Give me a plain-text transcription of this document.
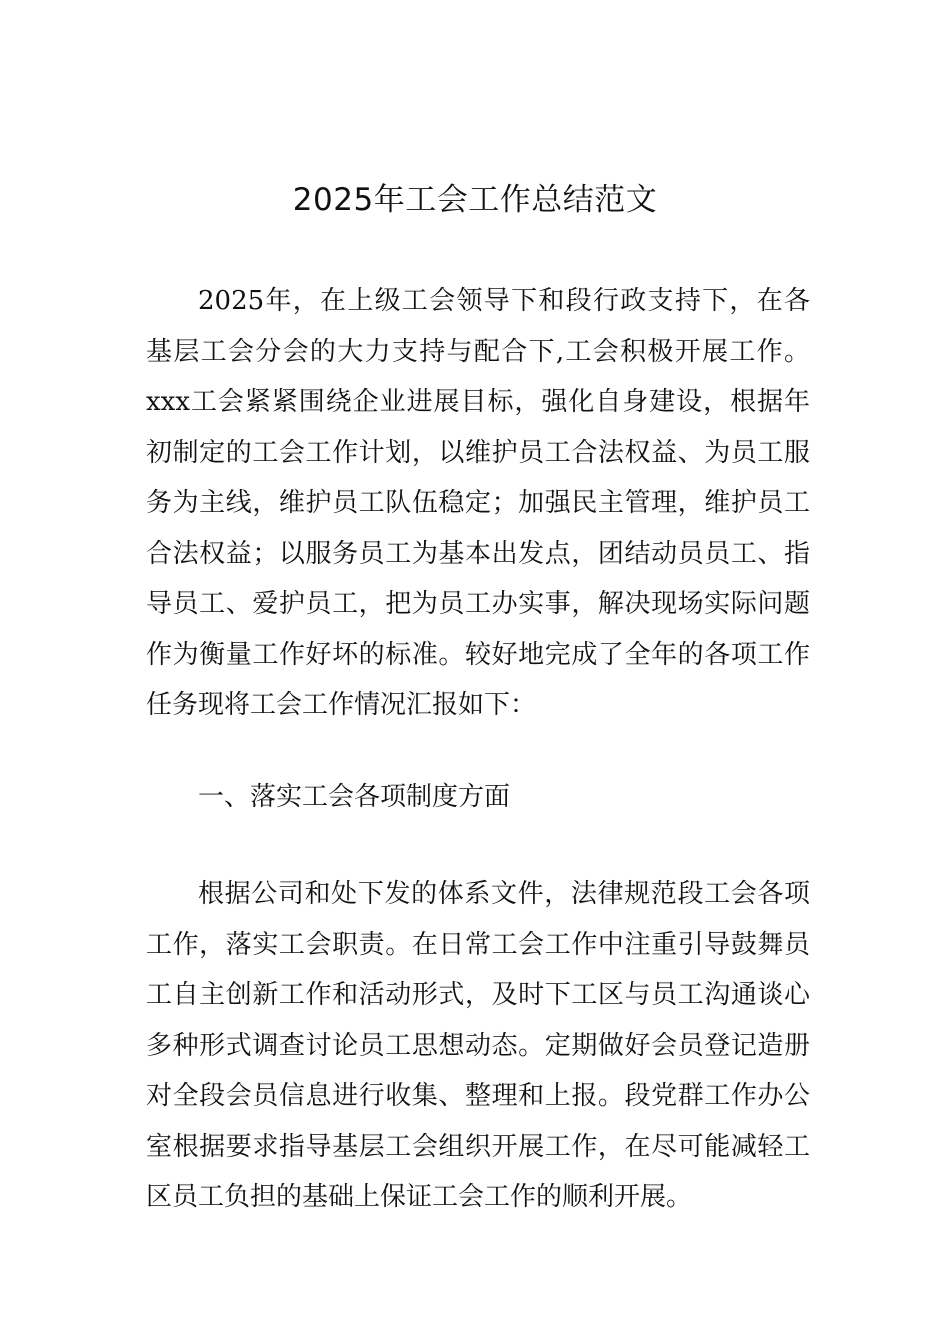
2025年工会工作总结范文

2025年，在上级工会领导下和段行政支持下，在各基层工会分会的大力支持与配合下,工会积极开展工作。xxx工会紧紧围绕企业进展目标，强化自身建设，根据年初制定的工会工作计划，以维护员工合法权益、为员工服务为主线，维护员工队伍稳定；加强民主管理，维护员工合法权益；以服务员工为基本出发点，团结动员员工、指导员工、爱护员工，把为员工办实事，解决现场实际问题作为衡量工作好坏的标准。较好地完成了全年的各项工作任务现将工会工作情况汇报如下：

一、落实工会各项制度方面

根据公司和处下发的体系文件，法律规范段工会各项工作，落实工会职责。在日常工会工作中注重引导鼓舞员工自主创新工作和活动形式，及时下工区与员工沟通谈心多种形式调查讨论员工思想动态。定期做好会员登记造册对全段会员信息进行收集、整理和上报。段党群工作办公室根据要求指导基层工会组织开展工作，在尽可能减轻工区员工负担的基础上保证工会工作的顺利开展。
